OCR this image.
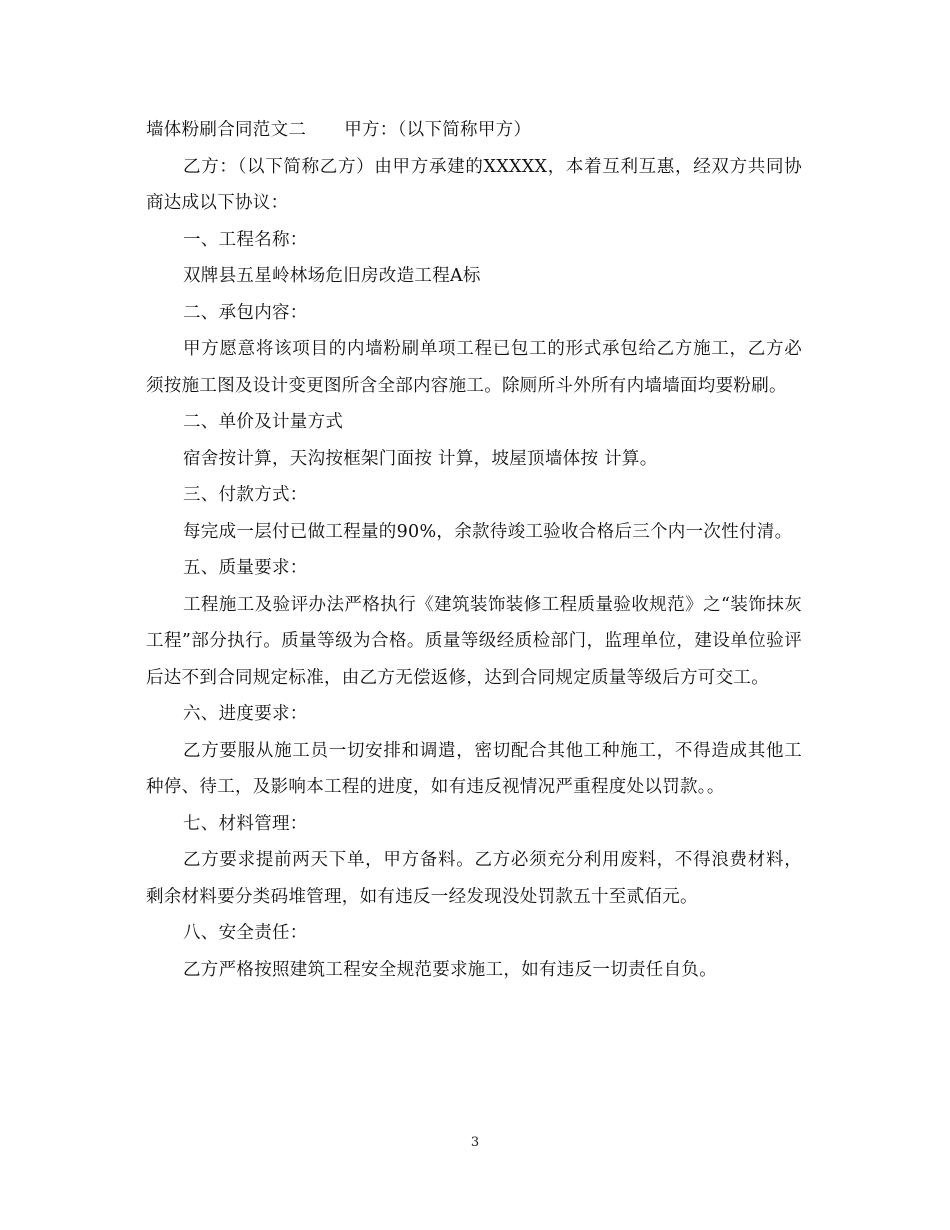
墙体粉刷合同范文二 甲方：（以下简称甲方）

乙方：（以下简称乙方）由甲方承建的XXXXX，本着互利互惠，经双方共同协商达成以下协议：

一、工程名称：

双牌县五星岭林场危旧房改造工程A标

二、承包内容：

甲方愿意将该项目的内墙粉刷单项工程已包工的形式承包给乙方施工，乙方必须按施工图及设计变更图所含全部内容施工。除厕所斗外所有内墙墙面均要粉刷。

二、单价及计量方式

宿舍按计算，天沟按框架门面按 计算，坡屋顶墙体按 计算。

三、付款方式：

每完成一层付已做工程量的90%，余款待竣工验收合格后三个内一次性付清。

五、质量要求：

工程施工及验评办法严格执行《建筑装饰装修工程质量验收规范》之“装饰抹灰工程”部分执行。质量等级为合格。质量等级经质检部门，监理单位，建设单位验评后达不到合同规定标准，由乙方无偿返修，达到合同规定质量等级后方可交工。

六、进度要求：

乙方要服从施工员一切安排和调遣，密切配合其他工种施工，不得造成其他工种停、待工，及影响本工程的进度，如有违反视情况严重程度处以罚款。。

七、材料管理：

乙方要求提前两天下单，甲方备料。乙方必须充分利用废料，不得浪费材料，剩余材料要分类码堆管理，如有违反一经发现没处罚款五十至贰佰元。

八、安全责任：

乙方严格按照建筑工程安全规范要求施工，如有违反一切责任自负。

3
